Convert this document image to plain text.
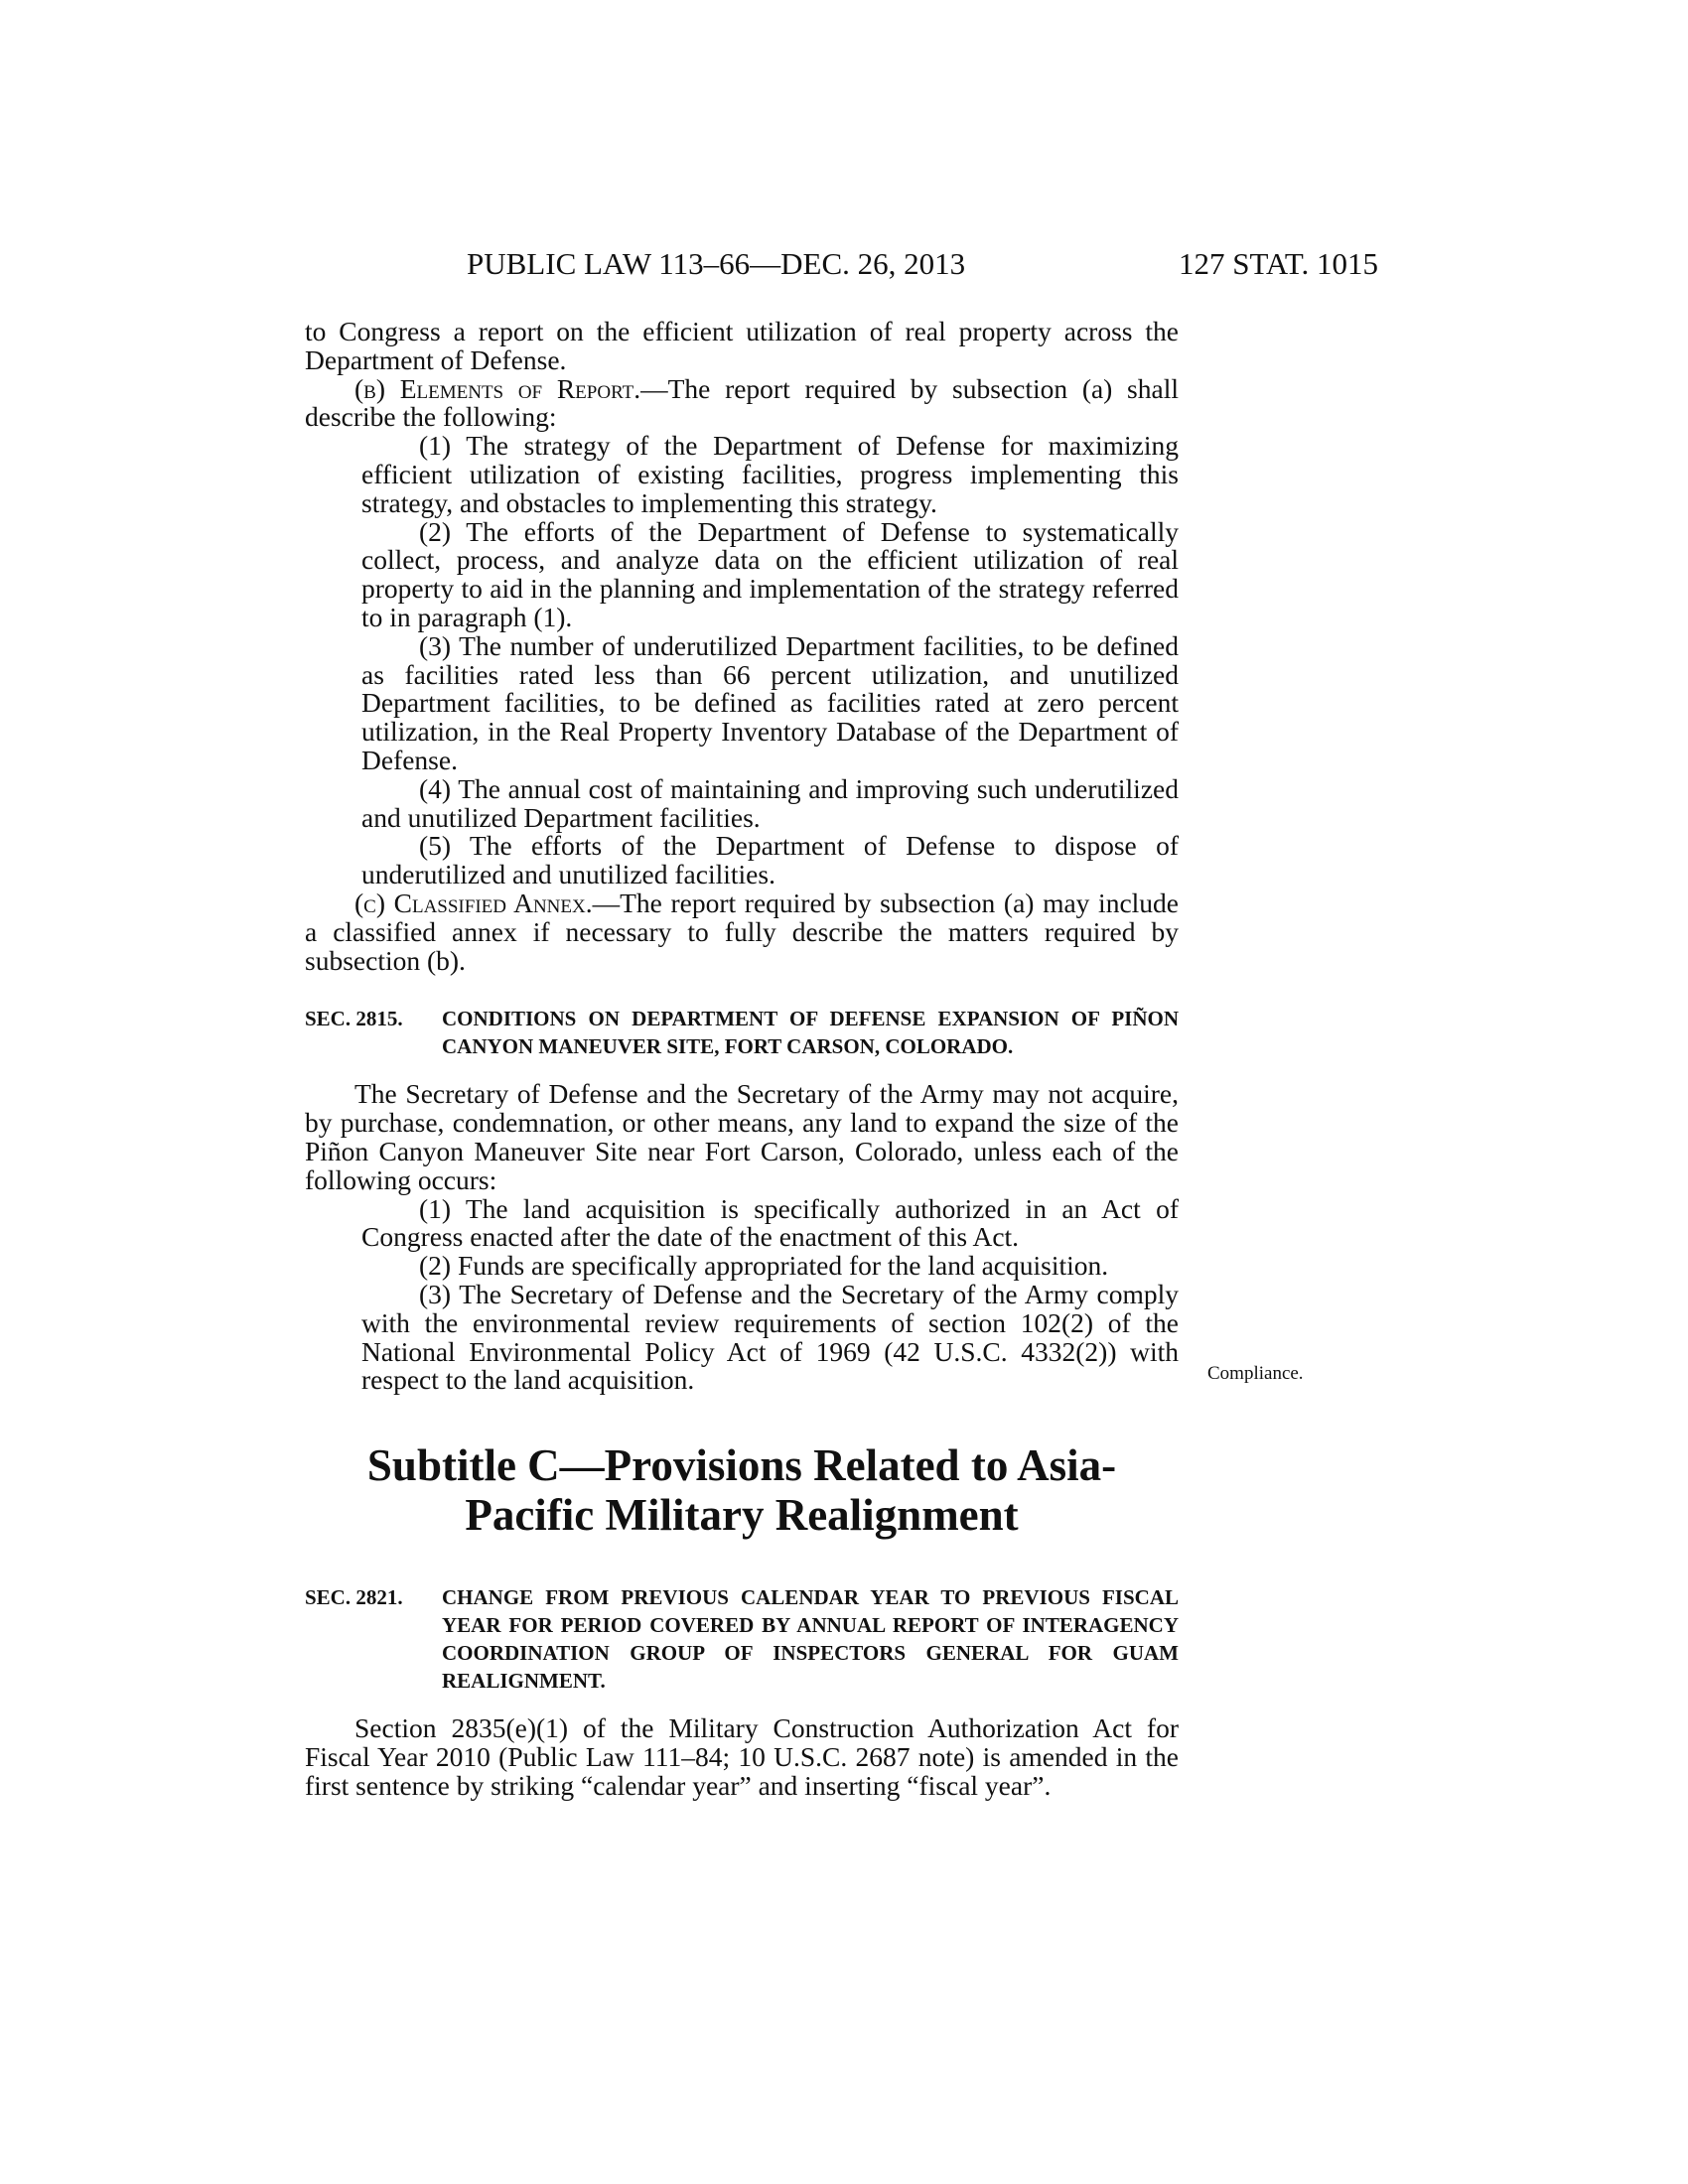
PUBLIC LAW 113–66—DEC. 26, 2013	127 STAT. 1015

to Congress a report on the efficient utilization of real property across the Department of Defense.

(b) Elements of Report.—The report required by subsection (a) shall describe the following:

(1) The strategy of the Department of Defense for maximizing efficient utilization of existing facilities, progress implementing this strategy, and obstacles to implementing this strategy.

(2) The efforts of the Department of Defense to systematically collect, process, and analyze data on the efficient utilization of real property to aid in the planning and implementation of the strategy referred to in paragraph (1).

(3) The number of underutilized Department facilities, to be defined as facilities rated less than 66 percent utilization, and unutilized Department facilities, to be defined as facilities rated at zero percent utilization, in the Real Property Inventory Database of the Department of Defense.

(4) The annual cost of maintaining and improving such underutilized and unutilized Department facilities.

(5) The efforts of the Department of Defense to dispose of underutilized and unutilized facilities.

(c) Classified Annex.—The report required by subsection (a) may include a classified annex if necessary to fully describe the matters required by subsection (b).

SEC. 2815. CONDITIONS ON DEPARTMENT OF DEFENSE EXPANSION OF PIÑON CANYON MANEUVER SITE, FORT CARSON, COLORADO.

The Secretary of Defense and the Secretary of the Army may not acquire, by purchase, condemnation, or other means, any land to expand the size of the Piñon Canyon Maneuver Site near Fort Carson, Colorado, unless each of the following occurs:

(1) The land acquisition is specifically authorized in an Act of Congress enacted after the date of the enactment of this Act.

(2) Funds are specifically appropriated for the land acquisition.

(3) The Secretary of Defense and the Secretary of the Army comply with the environmental review requirements of section 102(2) of the National Environmental Policy Act of 1969 (42 U.S.C. 4332(2)) with respect to the land acquisition.

Subtitle C—Provisions Related to Asia-
Pacific Military Realignment
SEC. 2821. CHANGE FROM PREVIOUS CALENDAR YEAR TO PREVIOUS FISCAL YEAR FOR PERIOD COVERED BY ANNUAL REPORT OF INTERAGENCY COORDINATION GROUP OF INSPECTORS GENERAL FOR GUAM REALIGNMENT.

Section 2835(e)(1) of the Military Construction Authorization Act for Fiscal Year 2010 (Public Law 111–84; 10 U.S.C. 2687 note) is amended in the first sentence by striking “calendar year” and inserting “fiscal year”.

Compliance.
